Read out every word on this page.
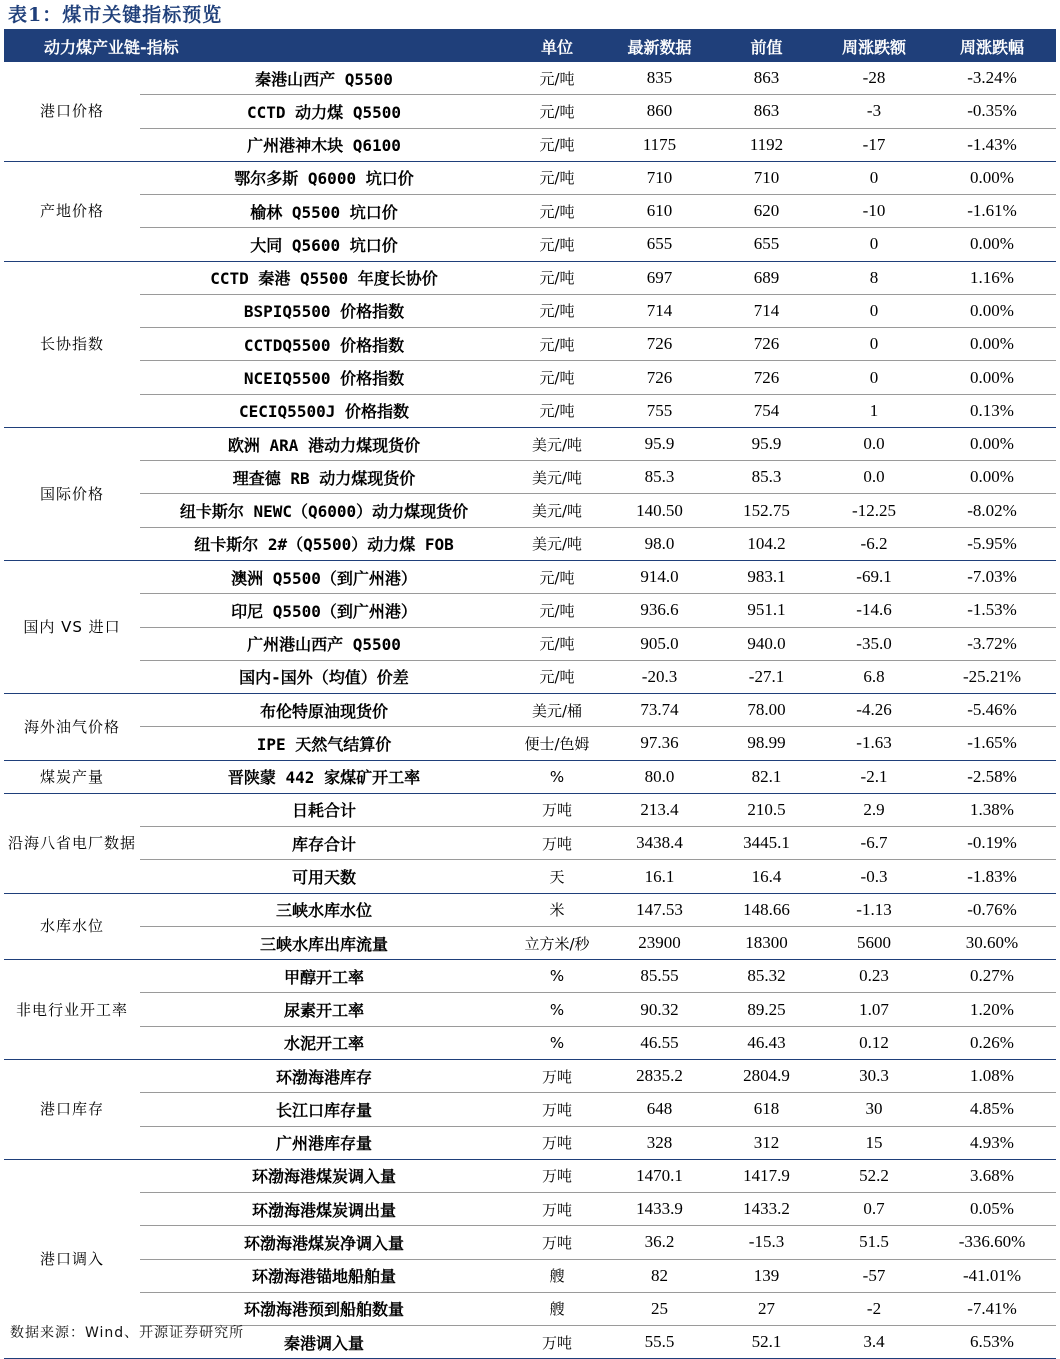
表1：煤市关键指标预览
动力煤产业链-指标		单位	最新数据	前值	周涨跌额	周涨跌幅
港口价格	秦港山西产 Q5500	元/吨	835	863	-28	-3.24%
	CCTD 动力煤 Q5500	元/吨	860	863	-3	-0.35%
	广州港神木块 Q6100	元/吨	1175	1192	-17	-1.43%
产地价格	鄂尔多斯 Q6000 坑口价	元/吨	710	710	0	0.00%
	榆林 Q5500 坑口价	元/吨	610	620	-10	-1.61%
	大同 Q5600 坑口价	元/吨	655	655	0	0.00%
长协指数	CCTD 秦港 Q5500 年度长协价	元/吨	697	689	8	1.16%
	BSPIQ5500 价格指数	元/吨	714	714	0	0.00%
	CCTDQ5500 价格指数	元/吨	726	726	0	0.00%
	NCEIQ5500 价格指数	元/吨	726	726	0	0.00%
	CECIQ5500J 价格指数	元/吨	755	754	1	0.13%
国际价格	欧洲 ARA 港动力煤现货价	美元/吨	95.9	95.9	0.0	0.00%
	理查德 RB 动力煤现货价	美元/吨	85.3	85.3	0.0	0.00%
	纽卡斯尔 NEWC（Q6000）动力煤现货价	美元/吨	140.50	152.75	-12.25	-8.02%
	纽卡斯尔 2#（Q5500）动力煤 FOB	美元/吨	98.0	104.2	-6.2	-5.95%
国内 VS 进口	澳洲 Q5500（到广州港）	元/吨	914.0	983.1	-69.1	-7.03%
	印尼 Q5500（到广州港）	元/吨	936.6	951.1	-14.6	-1.53%
	广州港山西产 Q5500	元/吨	905.0	940.0	-35.0	-3.72%
	国内-国外（均值）价差	元/吨	-20.3	-27.1	6.8	-25.21%
海外油气价格	布伦特原油现货价	美元/桶	73.74	78.00	-4.26	-5.46%
	IPE 天然气结算价	便士/色姆	97.36	98.99	-1.63	-1.65%
煤炭产量	晋陕蒙 442 家煤矿开工率	%	80.0	82.1	-2.1	-2.58%
沿海八省电厂数据	日耗合计	万吨	213.4	210.5	2.9	1.38%
	库存合计	万吨	3438.4	3445.1	-6.7	-0.19%
	可用天数	天	16.1	16.4	-0.3	-1.83%
水库水位	三峡水库水位	米	147.53	148.66	-1.13	-0.76%
	三峡水库出库流量	立方米/秒	23900	18300	5600	30.60%
非电行业开工率	甲醇开工率	%	85.55	85.32	0.23	0.27%
	尿素开工率	%	90.32	89.25	1.07	1.20%
	水泥开工率	%	46.55	46.43	0.12	0.26%
港口库存	环渤海港库存	万吨	2835.2	2804.9	30.3	1.08%
	长江口库存量	万吨	648	618	30	4.85%
	广州港库存量	万吨	328	312	15	4.93%
港口调入	环渤海港煤炭调入量	万吨	1470.1	1417.9	52.2	3.68%
	环渤海港煤炭调出量	万吨	1433.9	1433.2	0.7	0.05%
	环渤海港煤炭净调入量	万吨	36.2	-15.3	51.5	-336.60%
	环渤海港锚地船舶量	艘	82	139	-57	-41.01%
	环渤海港预到船舶数量	艘	25	27	-2	-7.41%
	秦港调入量	万吨	55.5	52.1	3.4	6.53%
数据来源：Wind、开源证券研究所
